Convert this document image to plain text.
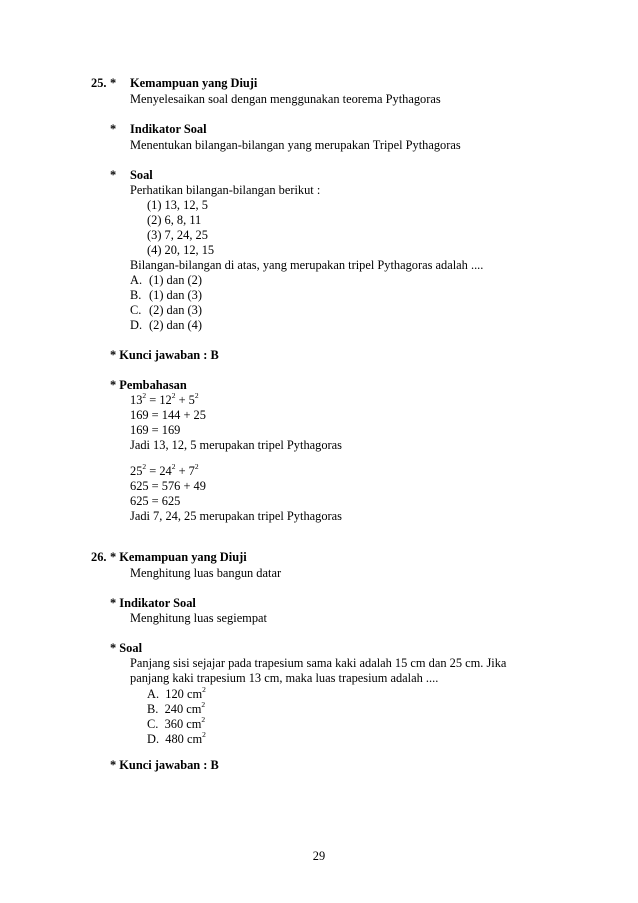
25. * Kemampuan yang Diuji
Menyelesaikan soal dengan menggunakan teorema Pythagoras
* Indikator Soal
Menentukan bilangan-bilangan yang merupakan Tripel Pythagoras
* Soal
Perhatikan bilangan-bilangan berikut :
(1) 13, 12, 5
(2) 6, 8, 11
(3) 7, 24, 25
(4) 20, 12, 15
Bilangan-bilangan di atas, yang merupakan tripel Pythagoras adalah ....
A. (1) dan (2)
B. (1) dan (3)
C. (2) dan (3)
D. (2) dan (4)
* Kunci jawaban : B
* Pembahasan
$13^2 = 12^2 + 5^2$
169 = 144 + 25
169 = 169
Jadi 13, 12, 5 merupakan tripel Pythagoras
$25^2 = 24^2 + 7^2$
625 = 576 + 49
625 = 625
Jadi 7, 24, 25 merupakan tripel Pythagoras
26. * Kemampuan yang Diuji
Menghitung luas bangun datar
* Indikator Soal
Menghitung luas segiempat
* Soal
Panjang sisi sejajar pada trapesium sama kaki adalah 15 cm dan 25 cm. Jika
panjang kaki trapesium 13 cm, maka luas trapesium adalah ....
A. 120 $cm^2$
B. 240 $cm^2$
C. 360 $cm^2$
D. 480 $cm^2$
* Kunci jawaban : B
29
